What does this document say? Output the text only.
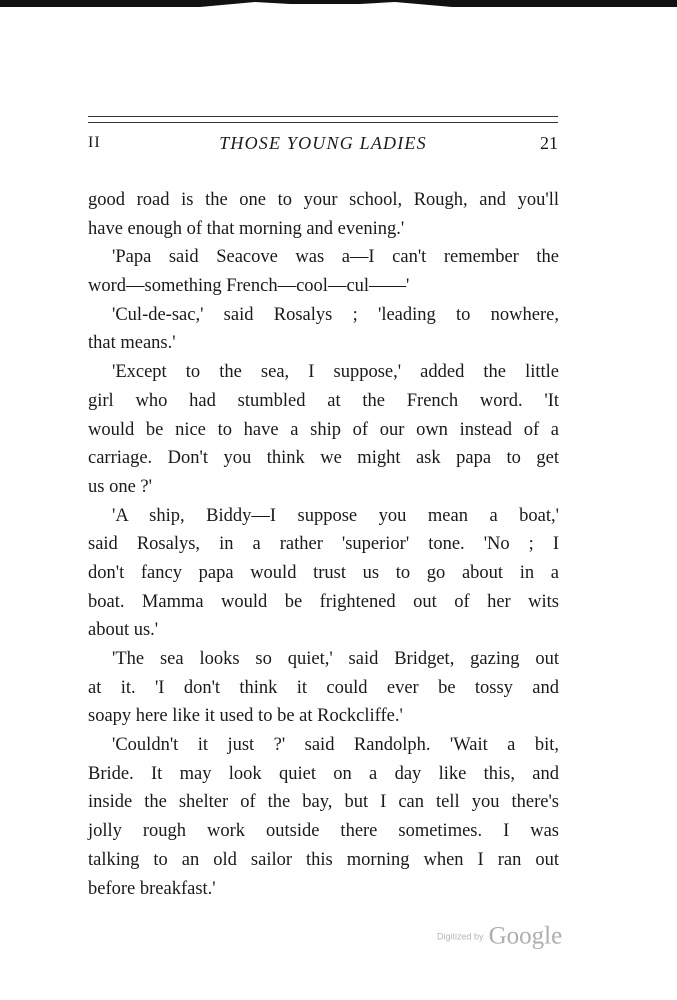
II	THOSE YOUNG LADIES	21
good road is the one to your school, Rough, and you'll
have enough of that morning and evening.'
'Papa said Seacove was a—I can't remember the
word—something French—cool—cul——'
'Cul-de-sac,' said Rosalys ; 'leading to nowhere,
that means.'
'Except to the sea, I suppose,' added the little
girl who had stumbled at the French word. 'It
would be nice to have a ship of our own instead of a
carriage. Don't you think we might ask papa to get
us one ?'
'A ship, Biddy—I suppose you mean a boat,'
said Rosalys, in a rather 'superior' tone. 'No ; I
don't fancy papa would trust us to go about in a
boat. Mamma would be frightened out of her wits
about us.'
'The sea looks so quiet,' said Bridget, gazing out
at it. 'I don't think it could ever be tossy and
soapy here like it used to be at Rockcliffe.'
'Couldn't it just ?' said Randolph. 'Wait a bit,
Bride. It may look quiet on a day like this, and
inside the shelter of the bay, but I can tell you there's
jolly rough work outside there sometimes. I was
talking to an old sailor this morning when I ran out
before breakfast.'
Digitized by Google
